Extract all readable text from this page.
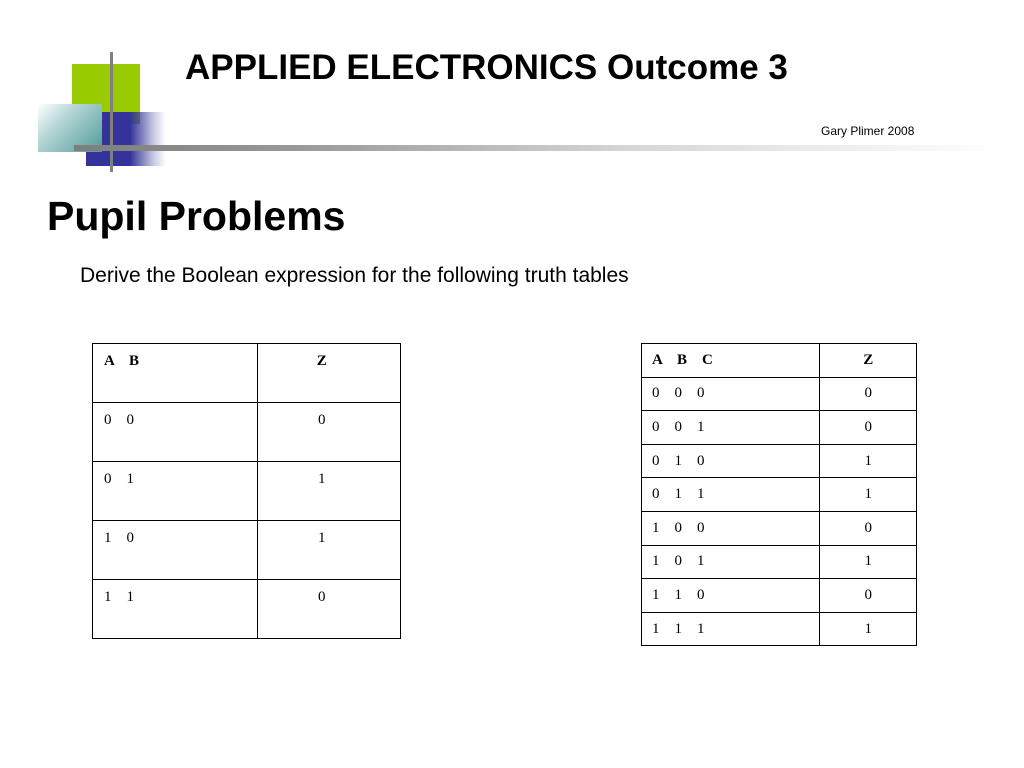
APPLIED ELECTRONICS Outcome 3
Gary Plimer 2008
Pupil Problems
Derive the Boolean expression for the following truth tables
A    B	Z
0    0	0
0    1	1
1    0	1
1    1	0
A    B    C	Z
0    0    0	0
0    0    1	0
0    1    0	1
0    1    1	1
1    0    0	0
1    0    1	1
1    1    0	0
1    1    1	1
